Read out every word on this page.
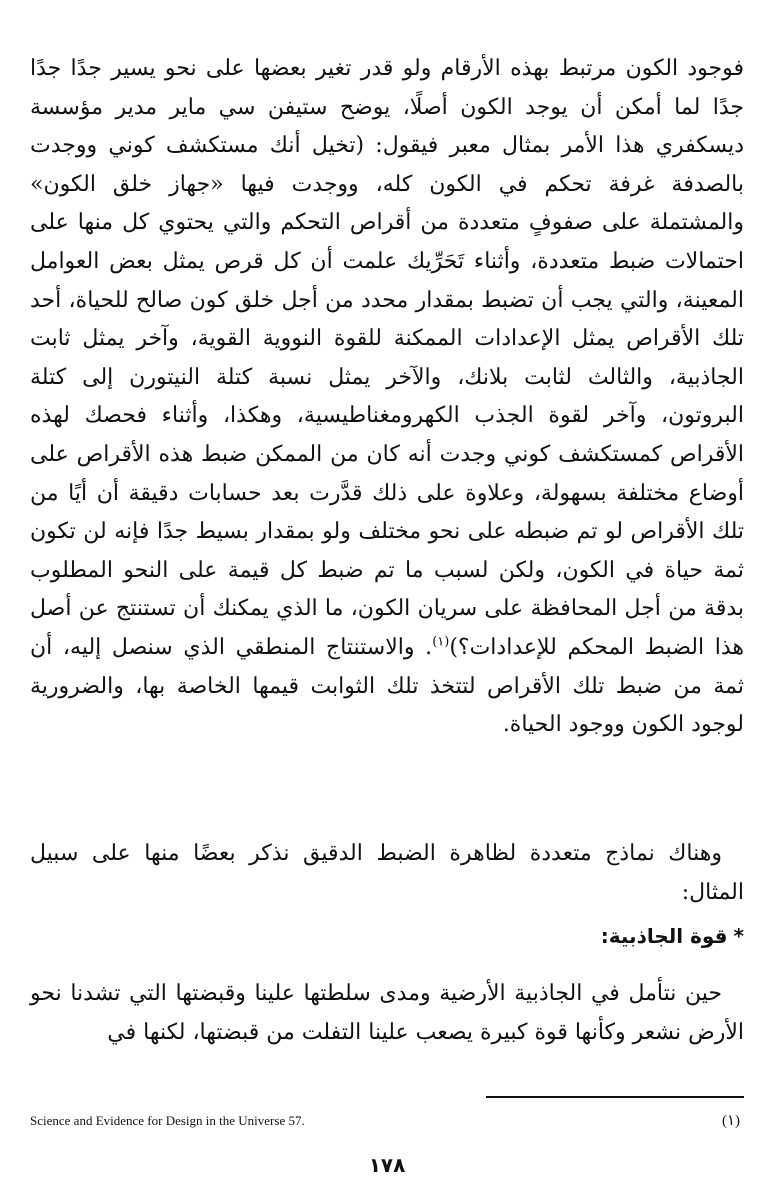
فوجود الكون مرتبط بهذه الأرقام ولو قدر تغير بعضها على نحو يسير جدًا جدًا جدًا لما أمكن أن يوجد الكون أصلًا، يوضح ستيفن سي ماير مدير مؤسسة ديسكفري هذا الأمر بمثال معبر فيقول: (تخيل أنك مستكشف كوني ووجدت بالصدفة غرفة تحكم في الكون كله، ووجدت فيها «جهاز خلق الكون» والمشتملة على صفوفٍ متعددة من أقراص التحكم والتي يحتوي كل منها على احتمالات ضبط متعددة، وأثناء تَحَرِّيك علمت أن كل قرص يمثل بعض العوامل المعينة، والتي يجب أن تضبط بمقدار محدد من أجل خلق كون صالح للحياة، أحد تلك الأقراص يمثل الإعدادات الممكنة للقوة النووية القوية، وآخر يمثل ثابت الجاذبية، والثالث لثابت بلانك، والآخر يمثل نسبة كتلة النيتورن إلى كتلة البروتون، وآخر لقوة الجذب الكهرومغناطيسية، وهكذا، وأثناء فحصك لهذه الأقراص كمستكشف كوني وجدت أنه كان من الممكن ضبط هذه الأقراص على أوضاع مختلفة بسهولة، وعلاوة على ذلك قدَّرت بعد حسابات دقيقة أن أيًا من تلك الأقراص لو تم ضبطه على نحو مختلف ولو بمقدار بسيط جدًا فإنه لن تكون ثمة حياة في الكون، ولكن لسبب ما تم ضبط كل قيمة على النحو المطلوب بدقة من أجل المحافظة على سريان الكون، ما الذي يمكنك أن تستنتج عن أصل هذا الضبط المحكم للإعدادات؟)$^{(١)}$. والاستنتاج المنطقي الذي سنصل إليه، أن ثمة من ضبط تلك الأقراص لتتخذ تلك الثوابت قيمها الخاصة بها، والضرورية لوجود الكون ووجود الحياة.

وهناك نماذج متعددة لظاهرة الضبط الدقيق نذكر بعضًا منها على سبيل المثال:

*قوة الجاذبية:

حين نتأمل في الجاذبية الأرضية ومدى سلطتها علينا وقبضتها التي تشدنا نحو الأرض نشعر وكأنها قوة كبيرة يصعب علينا التفلت من قبضتها، لكنها في

Science and Evidence for Design in the Universe 57.	(١)
١٧٨
